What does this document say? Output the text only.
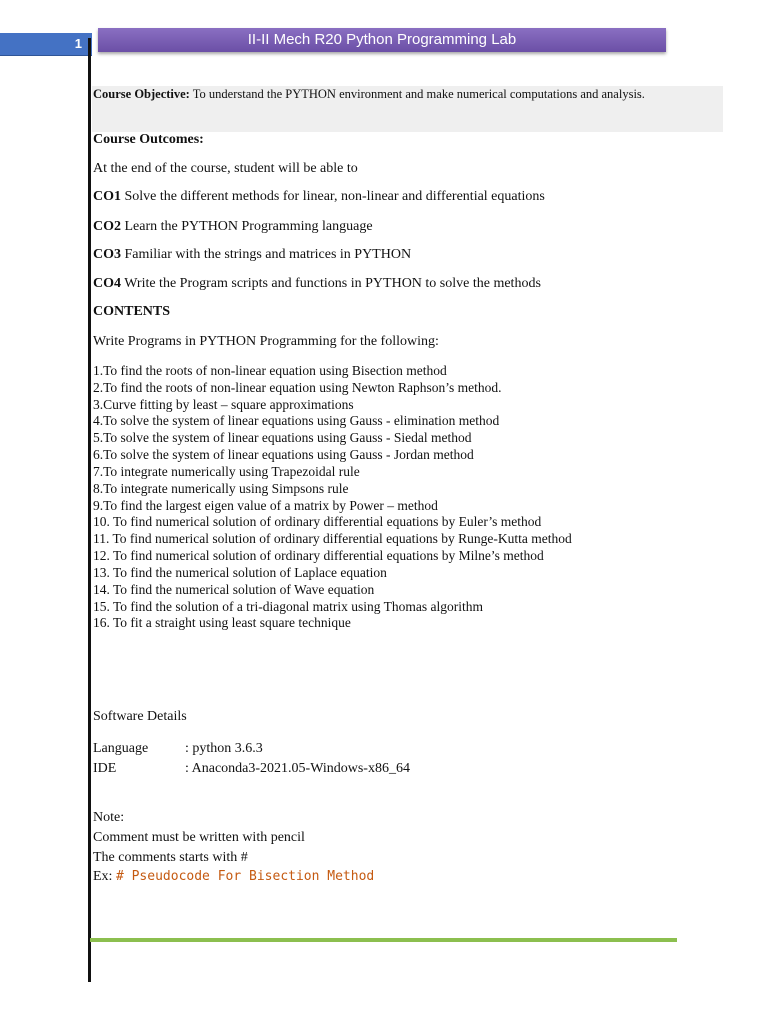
1	II-II Mech R20 Python Programming Lab
Course Objective: To understand the PYTHON environment and make numerical computations and analysis.
Course Outcomes:
At the end of the course, student will be able to
CO1 Solve the different methods for linear, non-linear and differential equations
CO2 Learn the PYTHON Programming language
CO3 Familiar with the strings and matrices in PYTHON
CO4 Write the Program scripts and functions in PYTHON to solve the methods
CONTENTS
Write Programs in PYTHON Programming for the following:
1.To find the roots of non-linear equation using Bisection method
2.To find the roots of non-linear equation using Newton Raphson’s method.
3.Curve fitting by least – square approximations
4.To solve the system of linear equations using Gauss - elimination method
5.To solve the system of linear equations using Gauss - Siedal method
6.To solve the system of linear equations using Gauss - Jordan method
7.To integrate numerically using Trapezoidal rule
8.To integrate numerically using Simpsons rule
9.To find the largest eigen value of a matrix by Power – method
10. To find numerical solution of ordinary differential equations by Euler’s method
11. To find numerical solution of ordinary differential equations by Runge-Kutta method
12. To find numerical solution of ordinary differential equations by Milne’s method
13. To find the numerical solution of Laplace equation
14. To find the numerical solution of Wave equation
15. To find the solution of a tri-diagonal matrix using Thomas algorithm
16. To fit a straight using least square technique
Software Details
Language	: python 3.6.3
IDE	: Anaconda3-2021.05-Windows-x86_64
Note:
Comment must be written with pencil
The comments starts with #
Ex: # Pseudocode For Bisection Method
